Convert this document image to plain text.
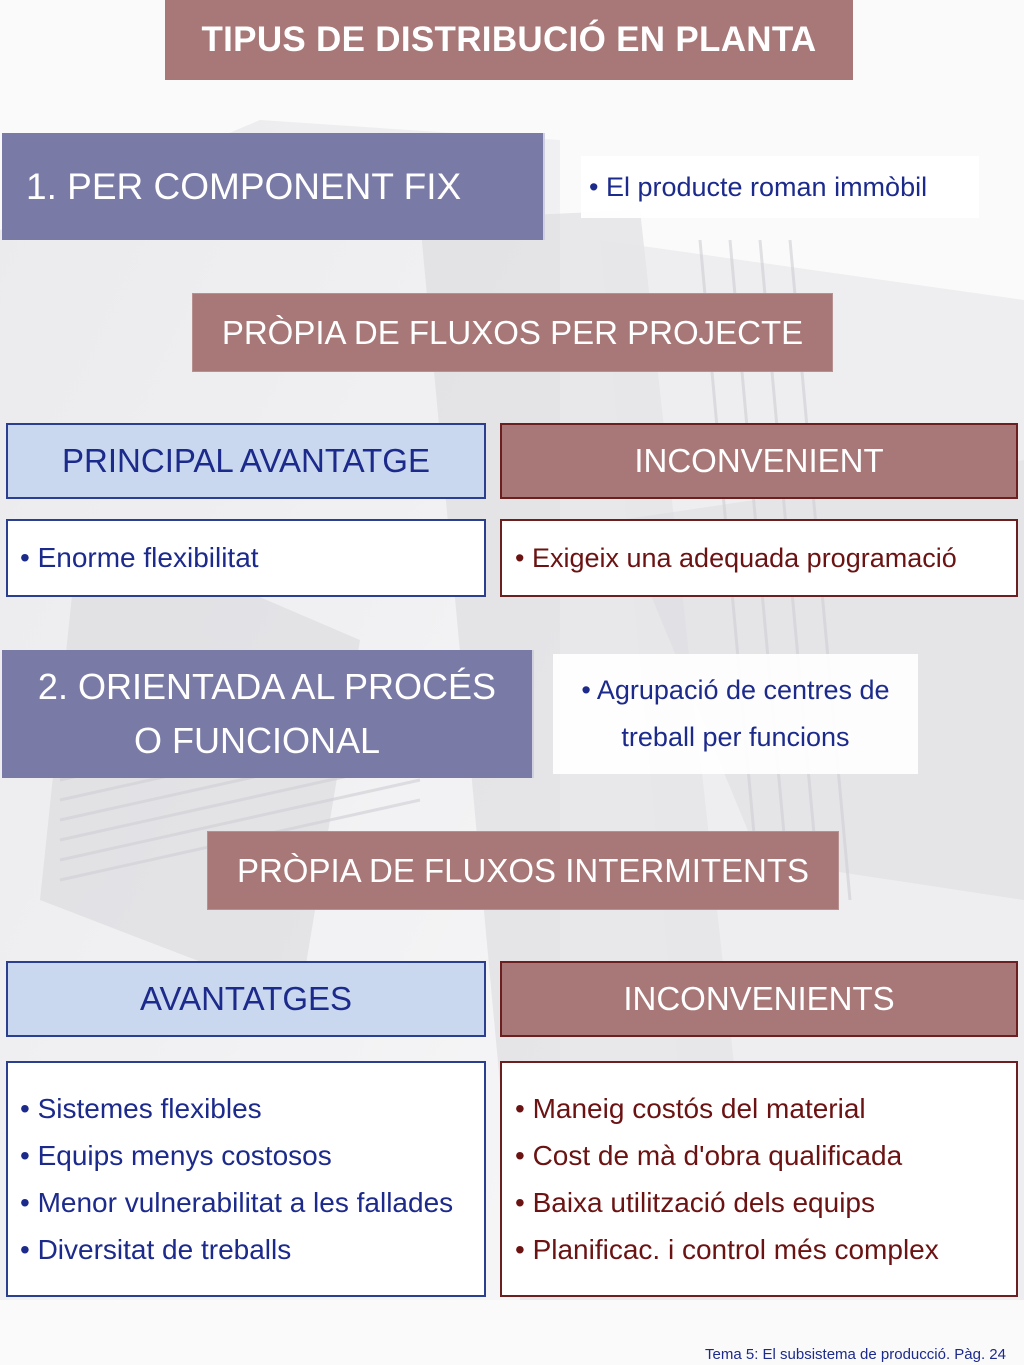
TIPUS DE DISTRIBUCIÓ EN PLANTA
1. PER COMPONENT FIX	• El producte roman immòbil
PRÒPIA DE FLUXOS PER PROJECTE
PRINCIPAL AVANTATGE	INCONVENIENT
• Enorme flexibilitat	• Exigeix una adequada programació
2. ORIENTADA AL PROCÉS
O FUNCIONAL
• Agrupació de centres de
treball per funcions
PRÒPIA DE FLUXOS INTERMITENTS
AVANTATGES	INCONVENIENTS
• Sistemes flexibles
• Equips menys costosos
• Menor vulnerabilitat a les fallades
• Diversitat de treballs
• Maneig costós del material
• Cost de mà d'obra qualificada
• Baixa utilització dels equips
• Planificac. i control més complex
Tema 5: El subsistema de producció. Pàg. 24
